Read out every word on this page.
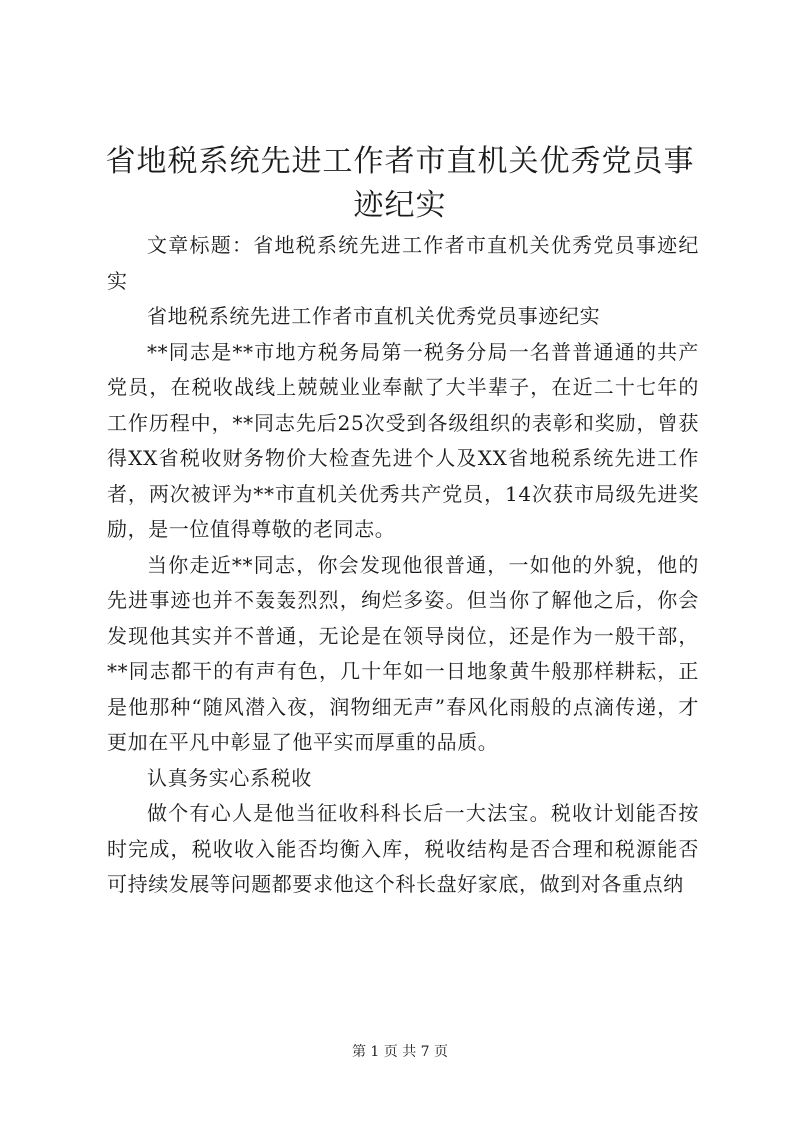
省地税系统先进工作者市直机关优秀党员事迹纪实

文章标题：省地税系统先进工作者市直机关优秀党员事迹纪实

省地税系统先进工作者市直机关优秀党员事迹纪实

**同志是**市地方税务局第一税务分局一名普普通通的共产党员，在税收战线上兢兢业业奉献了大半辈子，在近二十七年的工作历程中，**同志先后25次受到各级组织的表彰和奖励，曾获得XX省税收财务物价大检查先进个人及XX省地税系统先进工作者，两次被评为**市直机关优秀共产党员，14次获市局级先进奖励，是一位值得尊敬的老同志。

当你走近**同志，你会发现他很普通，一如他的外貌，他的先进事迹也并不轰轰烈烈，绚烂多姿。但当你了解他之后，你会发现他其实并不普通，无论是在领导岗位，还是作为一般干部，**同志都干的有声有色，几十年如一日地象黄牛般那样耕耘，正是他那种“随风潜入夜，润物细无声”春风化雨般的点滴传递，才更加在平凡中彰显了他平实而厚重的品质。

认真务实心系税收

做个有心人是他当征收科科长后一大法宝。税收计划能否按时完成，税收收入能否均衡入库，税收结构是否合理和税源能否可持续发展等问题都要求他这个科长盘好家底，做到对各重点纳

第 1 页 共 7 页
